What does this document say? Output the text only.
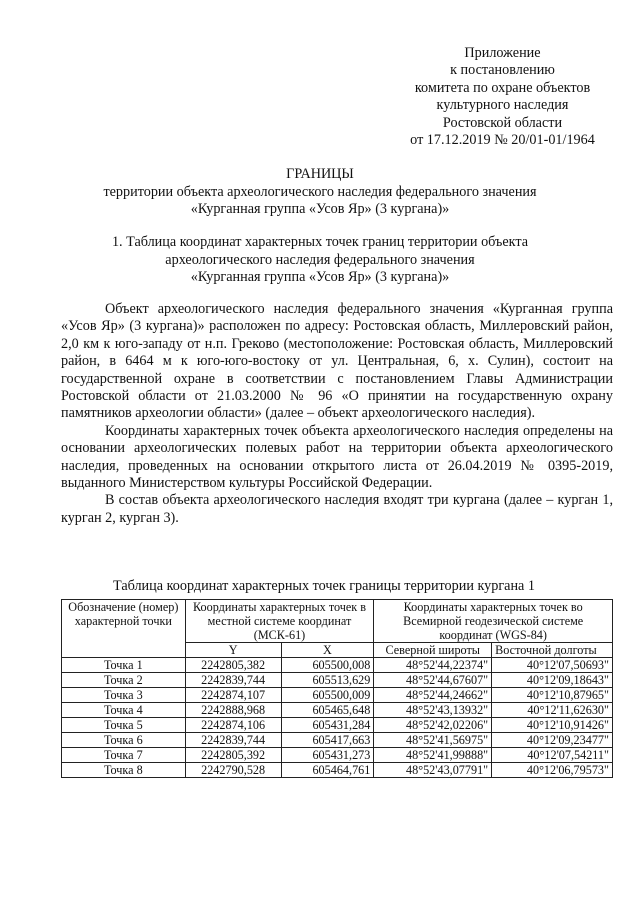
Приложение
к постановлению
комитета по охране объектов
культурного наследия
Ростовской области
от 17.12.2019 № 20/01-01/1964
ГРАНИЦЫ
территории объекта археологического наследия федерального значения
«Курганная группа «Усов Яр» (3 кургана)»
1. Таблица координат характерных точек границ территории объекта
археологического наследия федерального значения
«Курганная группа «Усов Яр» (3 кургана)»

Объект археологического наследия федерального значения «Курганная группа «Усов Яр» (3 кургана)» расположен по адресу: Ростовская область, Миллеровский район, 2,0 км к юго-западу от н.п. Греково (местоположение: Ростовская область, Миллеровский район, в 6464 м к юго-юго-востоку от ул. Центральная, 6, х. Сулин), состоит на государственной охране в соответствии с постановлением Главы Администрации Ростовской области от 21.03.2000 № 96 «О принятии на государственную охрану памятников археологии области» (далее – объект археологического наследия).

Координаты характерных точек объекта археологического наследия определены на основании археологических полевых работ на территории объекта археологического наследия, проведенных на основании открытого листа от 26.04.2019 № 0395-2019, выданного Министерством культуры Российской Федерации.

В состав объекта археологического наследия входят три кургана (далее – курган 1, курган 2, курган 3).

Таблица координат характерных точек границы территории кургана 1
Обозначение (номер) характерной точки	Координаты характерных точек в местной системе координат (МСК-61)		Координаты характерных точек во Всемирной геодезической системе координат (WGS-84)	
	Y	X	Северной широты	Восточной долготы
Точка 1	2242805,382	605500,008	48°52'44,22374"	40°12'07,50693"
Точка 2	2242839,744	605513,629	48°52'44,67607"	40°12'09,18643"
Точка 3	2242874,107	605500,009	48°52'44,24662"	40°12'10,87965"
Точка 4	2242888,968	605465,648	48°52'43,13932"	40°12'11,62630"
Точка 5	2242874,106	605431,284	48°52'42,02206"	40°12'10,91426"
Точка 6	2242839,744	605417,663	48°52'41,56975"	40°12'09,23477"
Точка 7	2242805,392	605431,273	48°52'41,99888"	40°12'07,54211"
Точка 8	2242790,528	605464,761	48°52'43,07791"	40°12'06,79573"
